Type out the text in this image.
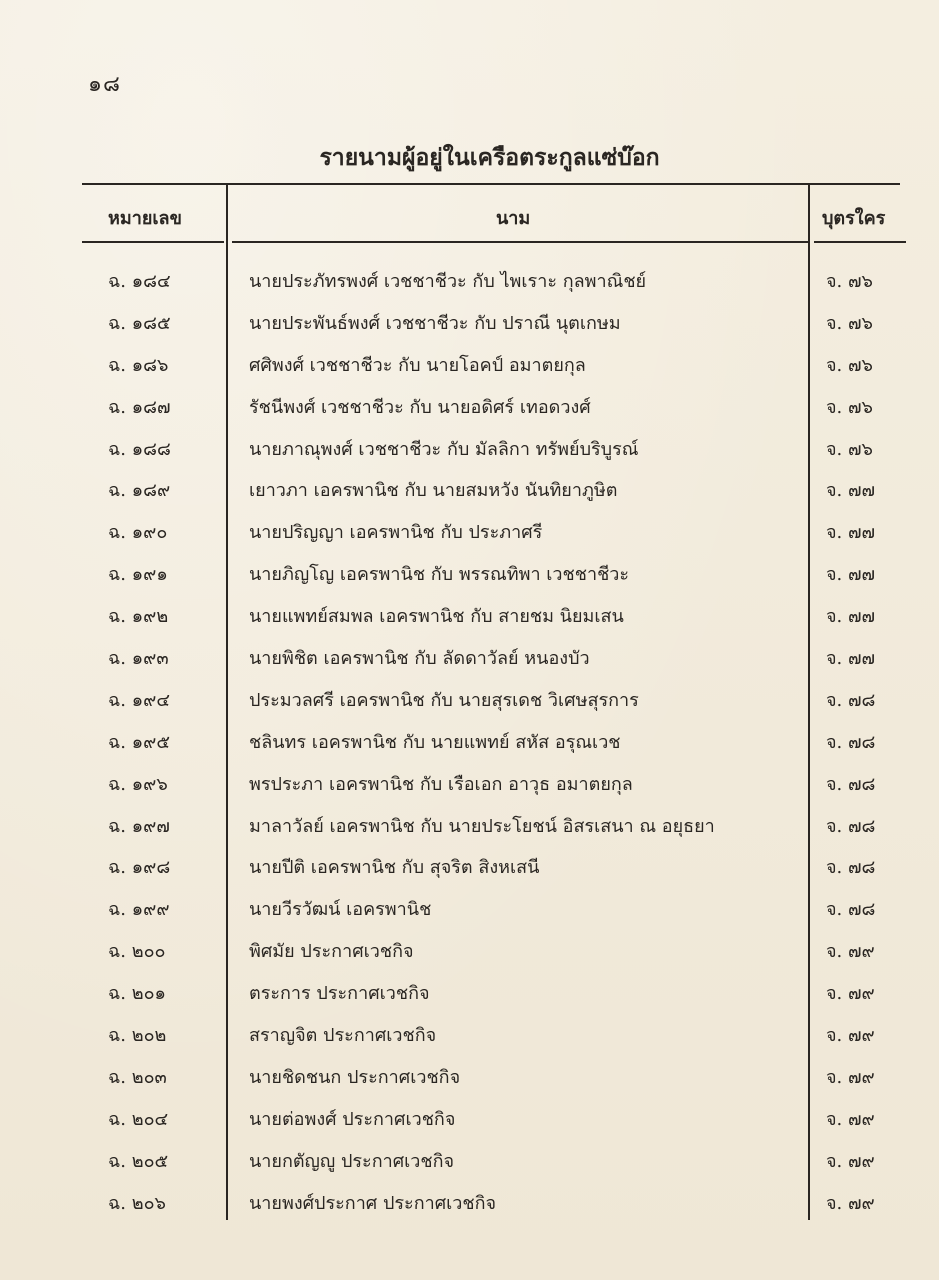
๑๘
รายนามผู้อยู่ในเครือตระกูลแซ่บ๊อก
หมายเลข	นาม	บุตรใคร
ฉ. ๑๘๔	นายประภัทรพงศ์ เวชชาชีวะ กับ ไพเราะ กุลพาณิชย์	จ. ๗๖
ฉ. ๑๘๕	นายประพันธ์พงศ์ เวชชาชีวะ กับ ปราณี นุตเกษม	จ. ๗๖
ฉ. ๑๘๖	ศศิพงศ์ เวชชาชีวะ กับ นายโอคป์ อมาตยกุล	จ. ๗๖
ฉ. ๑๘๗	รัชนีพงศ์ เวชชาชีวะ กับ นายอดิศร์ เทอดวงศ์	จ. ๗๖
ฉ. ๑๘๘	นายภาณุพงศ์ เวชชาชีวะ กับ มัลลิกา ทรัพย์บริบูรณ์	จ. ๗๖
ฉ. ๑๘๙	เยาวภา เอครพานิช กับ นายสมหวัง นันทิยาภูษิต	จ. ๗๗
ฉ. ๑๙๐	นายปริญญา เอครพานิช กับ ประภาศรี	จ. ๗๗
ฉ. ๑๙๑	นายภิญโญ เอครพานิช กับ พรรณทิพา เวชชาชีวะ	จ. ๗๗
ฉ. ๑๙๒	นายแพทย์สมพล เอครพานิช กับ สายชม นิยมเสน	จ. ๗๗
ฉ. ๑๙๓	นายพิชิต เอครพานิช กับ ลัดดาวัลย์ หนองบัว	จ. ๗๗
ฉ. ๑๙๔	ประมวลศรี เอครพานิช กับ นายสุรเดช วิเศษสุรการ	จ. ๗๘
ฉ. ๑๙๕	ชลินทร เอครพานิช กับ นายแพทย์ สหัส อรุณเวช	จ. ๗๘
ฉ. ๑๙๖	พรประภา เอครพานิช กับ เรือเอก อาวุธ อมาตยกุล	จ. ๗๘
ฉ. ๑๙๗	มาลาวัลย์ เอครพานิช กับ นายประโยชน์ อิสรเสนา ณ อยุธยา	จ. ๗๘
ฉ. ๑๙๘	นายปีติ เอครพานิช กับ สุจริต สิงหเสนี	จ. ๗๘
ฉ. ๑๙๙	นายวีรวัฒน์ เอครพานิช	จ. ๗๘
ฉ. ๒๐๐	พิศมัย ประกาศเวชกิจ	จ. ๗๙
ฉ. ๒๐๑	ตระการ ประกาศเวชกิจ	จ. ๗๙
ฉ. ๒๐๒	สราญจิต ประกาศเวชกิจ	จ. ๗๙
ฉ. ๒๐๓	นายชิดชนก ประกาศเวชกิจ	จ. ๗๙
ฉ. ๒๐๔	นายต่อพงศ์ ประกาศเวชกิจ	จ. ๗๙
ฉ. ๒๐๕	นายกตัญญู ประกาศเวชกิจ	จ. ๗๙
ฉ. ๒๐๖	นายพงศ์ประกาศ ประกาศเวชกิจ	จ. ๗๙
